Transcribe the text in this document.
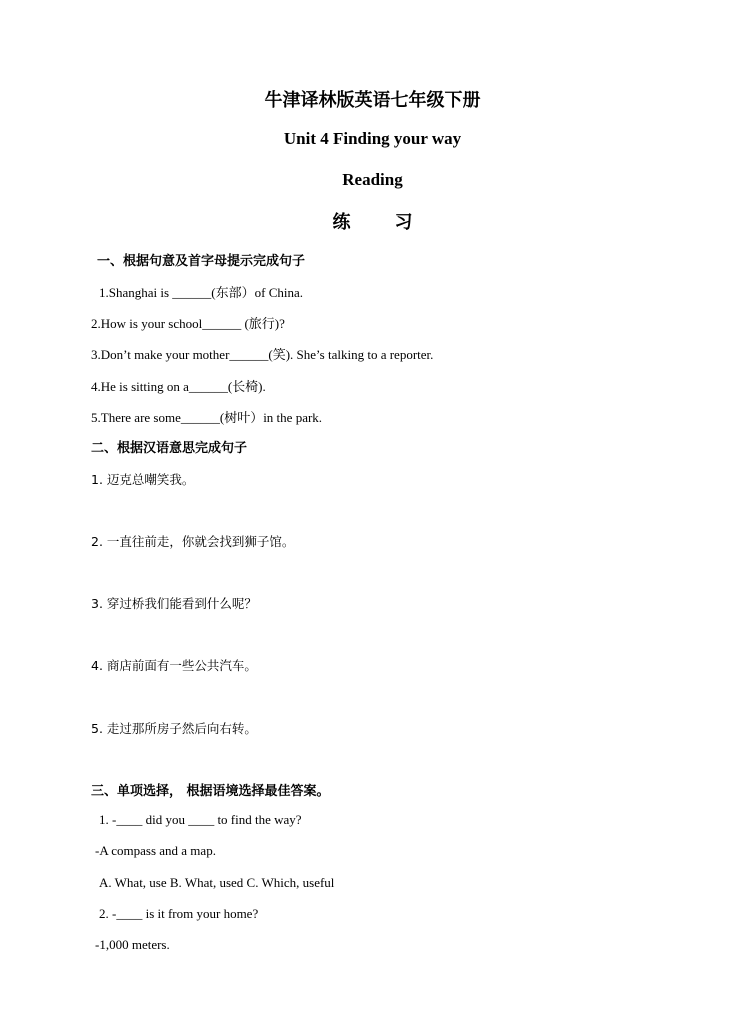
牛津译林版英语七年级下册
Unit 4 Finding your way
Reading
练 习
一、根据句意及首字母提示完成句子
1.Shanghai is ______(东部）of China.
2.How is your school______ (旅行)?
3.Don’t make your mother______(笑). She’s talking to a reporter.
4.He is sitting on a______(长椅).
5.There are some______(树叶）in the park.
二、根据汉语意思完成句子
1. 迈克总嘲笑我。
2. 一直往前走，你就会找到狮子馆。
3. 穿过桥我们能看到什么呢？
4. 商店前面有一些公共汽车。
5. 走过那所房子然后向右转。
三、单项选择， 根据语境选择最佳答案。
1. -____ did you ____ to find the way?
-A compass and a map.
A. What, use B. What, used C. Which, useful
2. -____ is it from your home?
-1,000 meters.
